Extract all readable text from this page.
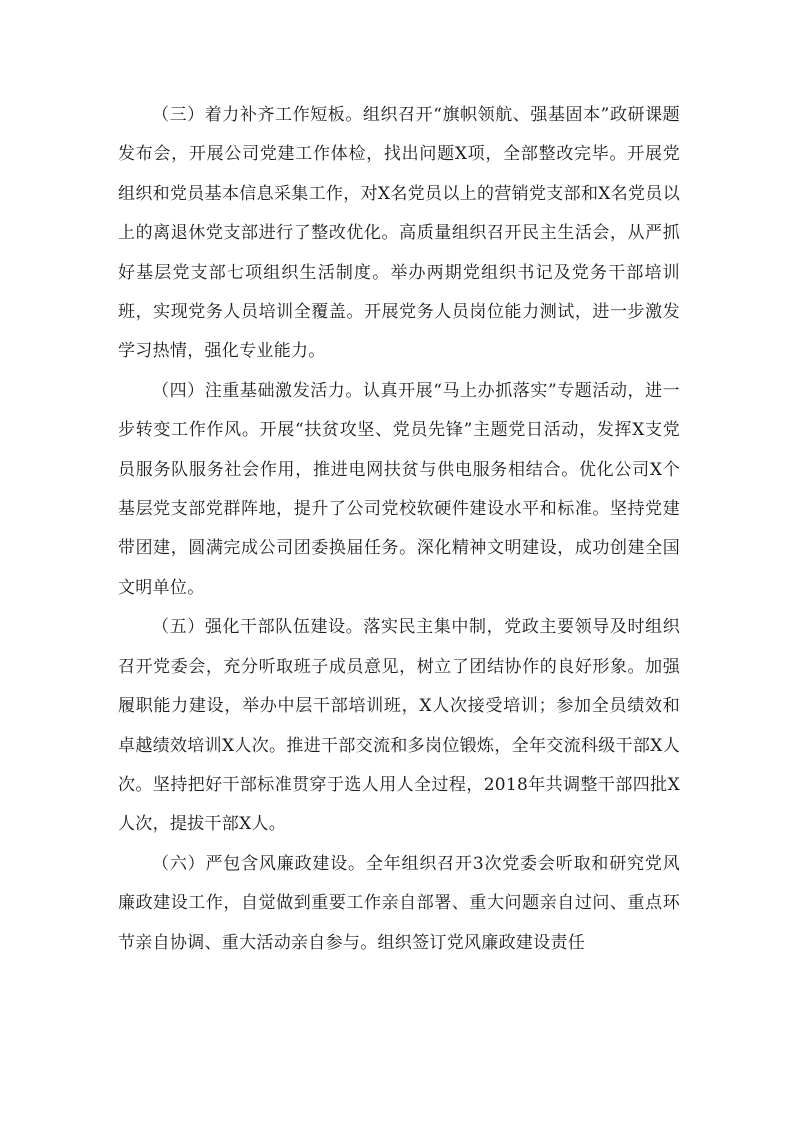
（三）着力补齐工作短板。组织召开“旗帜领航、强基固本”政研课题发布会，开展公司党建工作体检，找出问题X项，全部整改完毕。开展党组织和党员基本信息采集工作，对X名党员以上的营销党支部和X名党员以上的离退休党支部进行了整改优化。高质量组织召开民主生活会，从严抓好基层党支部七项组织生活制度。举办两期党组织书记及党务干部培训班，实现党务人员培训全覆盖。开展党务人员岗位能力测试，进一步激发学习热情，强化专业能力。

（四）注重基础激发活力。认真开展“马上办抓落实”专题活动，进一步转变工作作风。开展“扶贫攻坚、党员先锋”主题党日活动，发挥X支党员服务队服务社会作用，推进电网扶贫与供电服务相结合。优化公司X个基层党支部党群阵地，提升了公司党校软硬件建设水平和标准。坚持党建带团建，圆满完成公司团委换届任务。深化精神文明建设，成功创建全国文明单位。

（五）强化干部队伍建设。落实民主集中制，党政主要领导及时组织召开党委会，充分听取班子成员意见，树立了团结协作的良好形象。加强履职能力建设，举办中层干部培训班，X人次接受培训；参加全员绩效和卓越绩效培训X人次。推进干部交流和多岗位锻炼，全年交流科级干部X人次。坚持把好干部标准贯穿于选人用人全过程，2018年共调整干部四批X人次，提拔干部X人。

（六）严包含风廉政建设。全年组织召开3次党委会听取和研究党风廉政建设工作，自觉做到重要工作亲自部署、重大问题亲自过问、重点环节亲自协调、重大活动亲自参与。组织签订党风廉政建设责任
